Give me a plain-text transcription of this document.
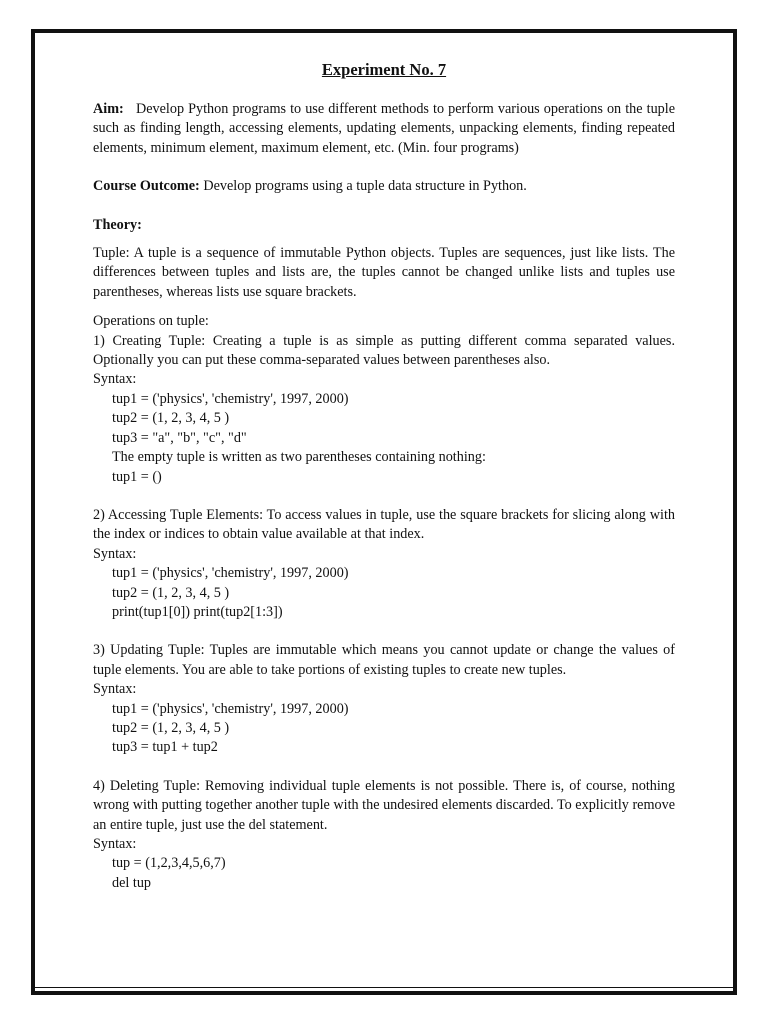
Experiment No. 7

Aim: Develop Python programs to use different methods to perform various operations on the tuple such as finding length, accessing elements, updating elements, unpacking elements, finding repeated elements, minimum element, maximum element, etc. (Min. four programs)

Course Outcome: Develop programs using a tuple data structure in Python.

Theory:

Tuple: A tuple is a sequence of immutable Python objects. Tuples are sequences, just like lists. The differences between tuples and lists are, the tuples cannot be changed unlike lists and tuples use parentheses, whereas lists use square brackets.

Operations on tuple:

1) Creating Tuple: Creating a tuple is as simple as putting different comma separated values. Optionally you can put these comma-separated values between parentheses also.

Syntax:

tup1 = ('physics', 'chemistry', 1997, 2000)

tup2 = (1, 2, 3, 4, 5 )

tup3 = "a", "b", "c", "d"

The empty tuple is written as two parentheses containing nothing:

tup1 = ()

2) Accessing Tuple Elements: To access values in tuple, use the square brackets for slicing along with the index or indices to obtain value available at that index.

Syntax:

tup1 = ('physics', 'chemistry', 1997, 2000)

tup2 = (1, 2, 3, 4, 5 )

print(tup1[0]) print(tup2[1:3])

3) Updating Tuple: Tuples are immutable which means you cannot update or change the values of tuple elements. You are able to take portions of existing tuples to create new tuples.

Syntax:

tup1 = ('physics', 'chemistry', 1997, 2000)

tup2 = (1, 2, 3, 4, 5 )

tup3 = tup1 + tup2

4) Deleting Tuple: Removing individual tuple elements is not possible. There is, of course, nothing wrong with putting together another tuple with the undesired elements discarded. To explicitly remove an entire tuple, just use the del statement.

Syntax:

tup = (1,2,3,4,5,6,7)

del tup
